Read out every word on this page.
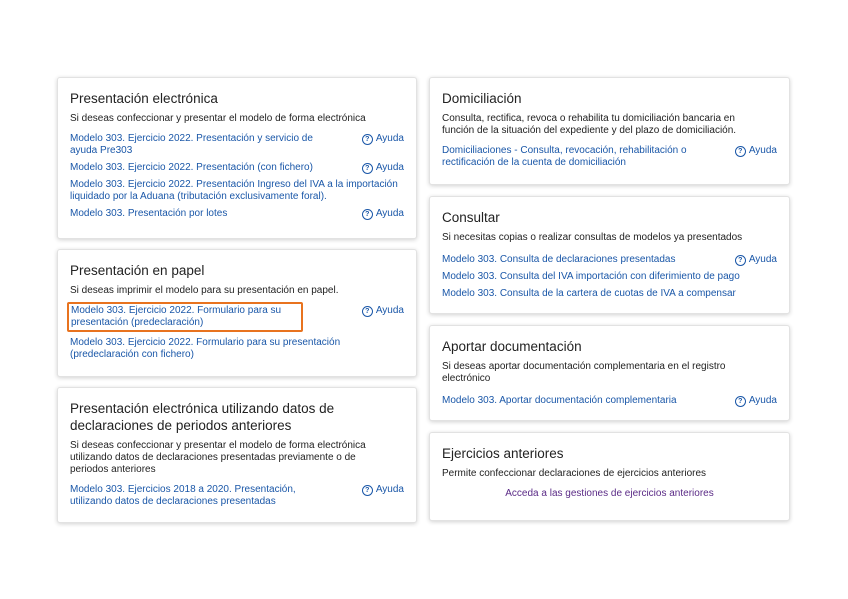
Presentación electrónica
Si deseas confeccionar y presentar el modelo de forma electrónica
Modelo 303. Ejercicio 2022. Presentación y servicio de ayuda Pre303
? Ayuda
Modelo 303. Ejercicio 2022. Presentación (con fichero)	? Ayuda
Modelo 303. Ejercicio 2022. Presentación Ingreso del IVA a la importación liquidado por la Aduana (tributación exclusivamente foral).
Modelo 303. Presentación por lotes	? Ayuda
Presentación en papel
Si deseas imprimir el modelo para su presentación en papel.
Modelo 303. Ejercicio 2022. Formulario para su presentación (predeclaración)
? Ayuda
Modelo 303. Ejercicio 2022. Formulario para su presentación (predeclaración con fichero)
Presentación electrónica utilizando datos de declaraciones de periodos anteriores
Si deseas confeccionar y presentar el modelo de forma electrónica utilizando datos de declaraciones presentadas previamente o de periodos anteriores
Modelo 303. Ejercicios 2018 a 2020. Presentación, utilizando datos de declaraciones presentadas
? Ayuda
Domiciliación
Consulta, rectifica, revoca o rehabilita tu domiciliación bancaria en función de la situación del expediente y del plazo de domiciliación.
Domiciliaciones - Consulta, revocación, rehabilitación o rectificación de la cuenta de domiciliación
? Ayuda
Consultar
Si necesitas copias o realizar consultas de modelos ya presentados
Modelo 303. Consulta de declaraciones presentadas	? Ayuda
Modelo 303. Consulta del IVA importación con diferimiento de pago
Modelo 303. Consulta de la cartera de cuotas de IVA a compensar
Aportar documentación
Si deseas aportar documentación complementaria en el registro electrónico
Modelo 303. Aportar documentación complementaria	? Ayuda
Ejercicios anteriores
Permite confeccionar declaraciones de ejercicios anteriores
Acceda a las gestiones de ejercicios anteriores
